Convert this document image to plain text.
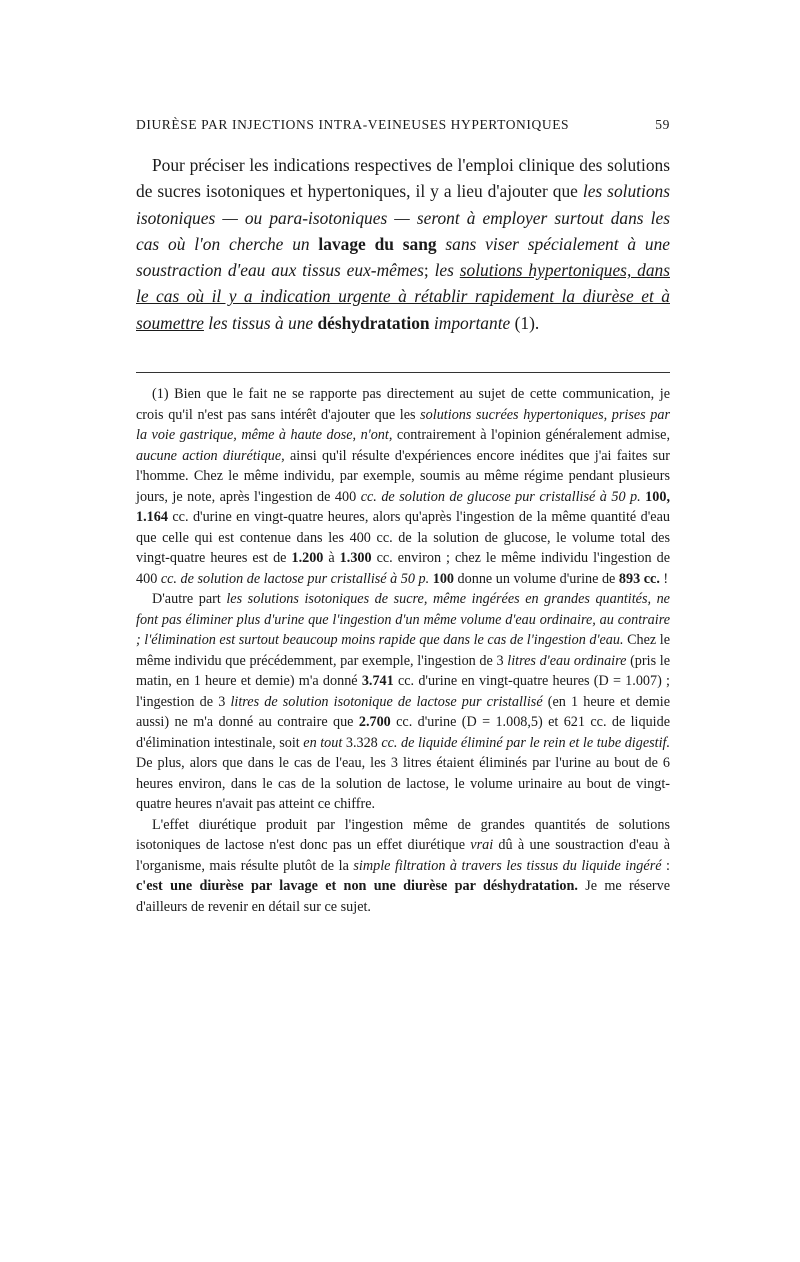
DIURÈSE PAR INJECTIONS INTRA-VEINEUSES HYPERTONIQUES	59

Pour préciser les indications respectives de l'emploi clinique des solutions de sucres isotoniques et hypertoniques, il y a lieu d'ajouter que les solutions isotoniques — ou para-isotoniques — seront à employer surtout dans les cas où l'on cherche un lavage du sang sans viser spécialement à une soustraction d'eau aux tissus eux-mêmes; les solutions hypertoniques, dans le cas où il y a indication urgente à rétablir rapidement la diurèse et à soumettre les tissus à une déshydratation importante (1).

(1) Bien que le fait ne se rapporte pas directement au sujet de cette communication, je crois qu'il n'est pas sans intérêt d'ajouter que les solutions sucrées hypertoniques, prises par la voie gastrique, même à haute dose, n'ont, contrairement à l'opinion généralement admise, aucune action diurétique, ainsi qu'il résulte d'expériences encore inédites que j'ai faites sur l'homme. Chez le même individu, par exemple, soumis au même régime pendant plusieurs jours, je note, après l'ingestion de 400 cc. de solution de glucose pur cristallisé à 50 p. 100, 1.164 cc. d'urine en vingt-quatre heures, alors qu'après l'ingestion de la même quantité d'eau que celle qui est contenue dans les 400 cc. de la solution de glucose, le volume total des vingt-quatre heures est de 1.200 à 1.300 cc. environ ; chez le même individu l'ingestion de 400 cc. de solution de lactose pur cristallisé à 50 p. 100 donne un volume d'urine de 893 cc. !

D'autre part les solutions isotoniques de sucre, même ingérées en grandes quantités, ne font pas éliminer plus d'urine que l'ingestion d'un même volume d'eau ordinaire, au contraire ; l'élimination est surtout beaucoup moins rapide que dans le cas de l'ingestion d'eau. Chez le même individu que précédemment, par exemple, l'ingestion de 3 litres d'eau ordinaire (pris le matin, en 1 heure et demie) m'a donné 3.741 cc. d'urine en vingt-quatre heures (D = 1.007) ; l'ingestion de 3 litres de solution isotonique de lactose pur cristallisé (en 1 heure et demie aussi) ne m'a donné au contraire que 2.700 cc. d'urine (D = 1.008,5) et 621 cc. de liquide d'élimination intestinale, soit en tout 3.328 cc. de liquide éliminé par le rein et le tube digestif. De plus, alors que dans le cas de l'eau, les 3 litres étaient éliminés par l'urine au bout de 6 heures environ, dans le cas de la solution de lactose, le volume urinaire au bout de vingt-quatre heures n'avait pas atteint ce chiffre.

L'effet diurétique produit par l'ingestion même de grandes quantités de solutions isotoniques de lactose n'est donc pas un effet diurétique vrai dû à une soustraction d'eau à l'organisme, mais résulte plutôt de la simple filtration à travers les tissus du liquide ingéré : c'est une diurèse par lavage et non une diurèse par déshydratation. Je me réserve d'ailleurs de revenir en détail sur ce sujet.
